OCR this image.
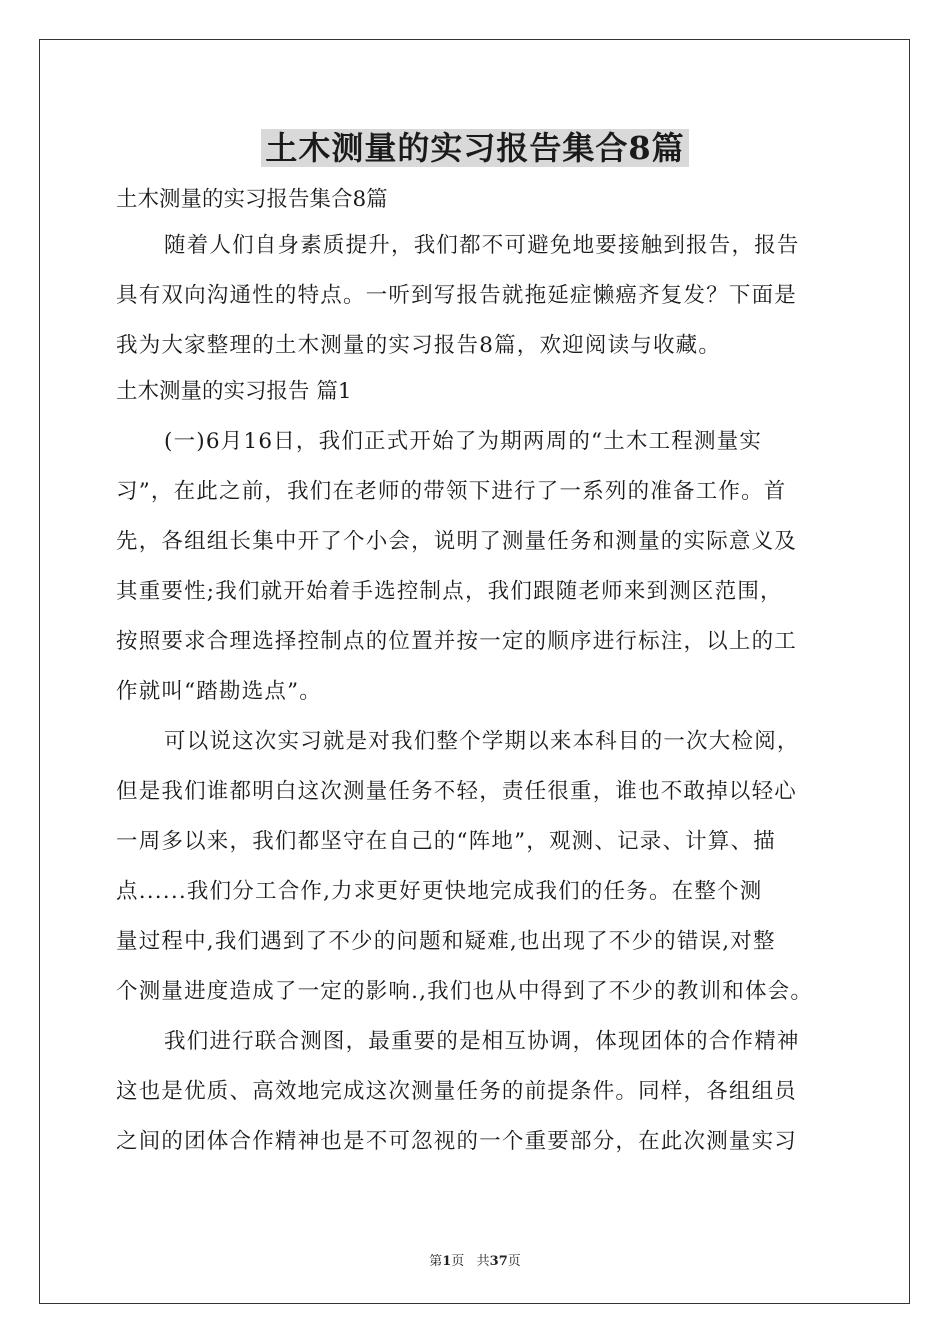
土木测量的实习报告集合8篇

土木测量的实习报告集合8篇

随着人们自身素质提升，我们都不可避免地要接触到报告，报告
具有双向沟通性的特点。一听到写报告就拖延症懒癌齐复发？下面是
我为大家整理的土木测量的实习报告8篇，欢迎阅读与收藏。

土木测量的实习报告 篇1

(一)6月16日，我们正式开始了为期两周的“土木工程测量实
习”，在此之前，我们在老师的带领下进行了一系列的准备工作。首
先，各组组长集中开了个小会，说明了测量任务和测量的实际意义及
其重要性;我们就开始着手选控制点，我们跟随老师来到测区范围，
按照要求合理选择控制点的位置并按一定的顺序进行标注，以上的工
作就叫“踏勘选点”。
可以说这次实习就是对我们整个学期以来本科目的一次大检阅，
但是我们谁都明白这次测量任务不轻，责任很重，谁也不敢掉以轻心
一周多以来，我们都坚守在自己的“阵地”，观测、记录、计算、描
点......我们分工合作,力求更好更快地完成我们的任务。在整个测
量过程中,我们遇到了不少的问题和疑难,也出现了不少的错误,对整
个测量进度造成了一定的影响.,我们也从中得到了不少的教训和体会。
我们进行联合测图，最重要的是相互协调，体现团体的合作精神
这也是优质、高效地完成这次测量任务的前提条件。同样，各组组员
之间的团体合作精神也是不可忽视的一个重要部分，在此次测量实习
第1页   共37页
